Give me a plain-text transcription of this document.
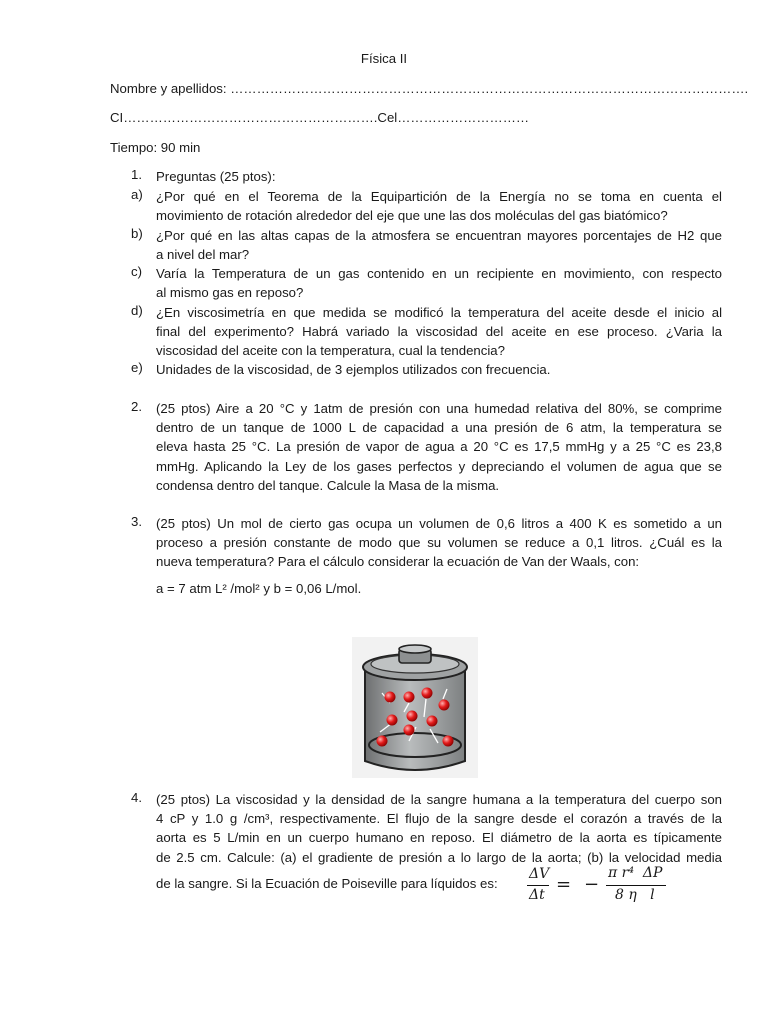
Física II
Nombre y apellidos: ……………………………………………………………………………………………………….
CI………………………………………………….Cel…………………………
Tiempo: 90 min
1. Preguntas (25 ptos):
a) ¿Por qué en el Teorema de la Equipartición de la Energía no se toma en cuenta el
movimiento de rotación alrededor del eje que une las dos moléculas del gas biatómico?
b) ¿Por qué en las altas capas de la atmosfera se encuentran mayores porcentajes de H2 que
a nivel del mar?
c) Varía la Temperatura de un gas contenido en un recipiente en movimiento, con respecto
al mismo gas en reposo?
d) ¿En viscosimetría en que medida se modificó la temperatura del aceite desde el inicio al
final del experimento? Habrá variado la viscosidad del aceite en ese proceso. ¿Varia la
viscosidad del aceite con la temperatura, cual la tendencia?
e) Unidades de la viscosidad, de 3 ejemplos utilizados con frecuencia.
2. (25 ptos) Aire a 20 °C y 1atm de presión con una humedad relativa del 80%, se comprime
dentro de un tanque de 1000 L de capacidad a una presión de 6 atm, la temperatura se
eleva hasta 25 °C. La presión de vapor de agua a 20 °C es 17,5 mmHg y a 25 °C es 23,8
mmHg. Aplicando la Ley de los gases perfectos y depreciando el volumen de agua que se
condensa dentro del tanque. Calcule la Masa de la misma.
3. (25 ptos) Un mol de cierto gas ocupa un volumen de 0,6 litros a 400 K es sometido a un
proceso a presión constante de modo que su volumen se reduce a 0,1 litros. ¿Cuál es la
nueva temperatura? Para el cálculo considerar la ecuación de Van der Waals, con:
a = 7 atm L² /mol² y b = 0,06 L/mol.
4. (25 ptos) La viscosidad y la densidad de la sangre humana a la temperatura del cuerpo son
4 cP y 1.0 g /cm³, respectivamente. El flujo de la sangre desde el corazón a través de la
aorta es 5 L/min en un cuerpo humano en reposo. El diámetro de la aorta es típicamente
de 2.5 cm. Calcule: (a) el gradiente de presión a lo largo de la aorta; (b) la velocidad media
de la sangre. Si la Ecuación de Poiseville para líquidos es:
ΔV
Δt = −
π r⁴  ΔP
8 η   l
